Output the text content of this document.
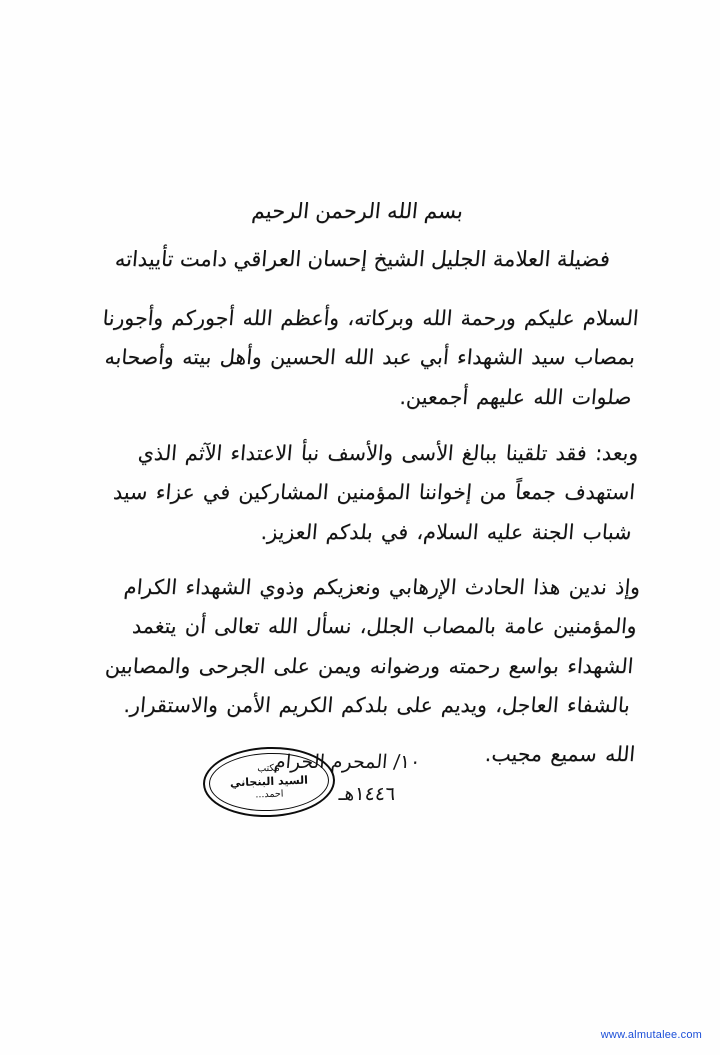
بسم الله الرحمن الرحيم

فضيلة العلامة الجليل الشيخ إحسان العراقي دامت تأييداته

السلام عليكم ورحمة الله وبركاته، وأعظم الله أجوركم وأجورنا بمصاب سيد الشهداء أبي عبد الله الحسين وأهل بيته وأصحابه صلوات الله عليهم أجمعين.

وبعد: فقد تلقينا ببالغ الأسى والأسف نبأ الاعتداء الآثم الذي استهدف جمعاً من إخواننا المؤمنين المشاركين في عزاء سيد شباب الجنة عليه السلام، في بلدكم العزيز.

وإذ ندين هذا الحادث الإرهابي ونعزيكم وذوي الشهداء الكرام والمؤمنين عامة بالمصاب الجلل، نسأل الله تعالى أن يتغمد الشهداء بواسع رحمته ورضوانه ويمن على الجرحى والمصابين بالشفاء العاجل، ويديم على بلدكم الكريم الأمن والاستقرار.

الله سميع مجيب.

١٠/ المحرم الحرام
١٤٤٦هـ
مكتب
السيد البنجاني
احمد...
www.almutalee.com
